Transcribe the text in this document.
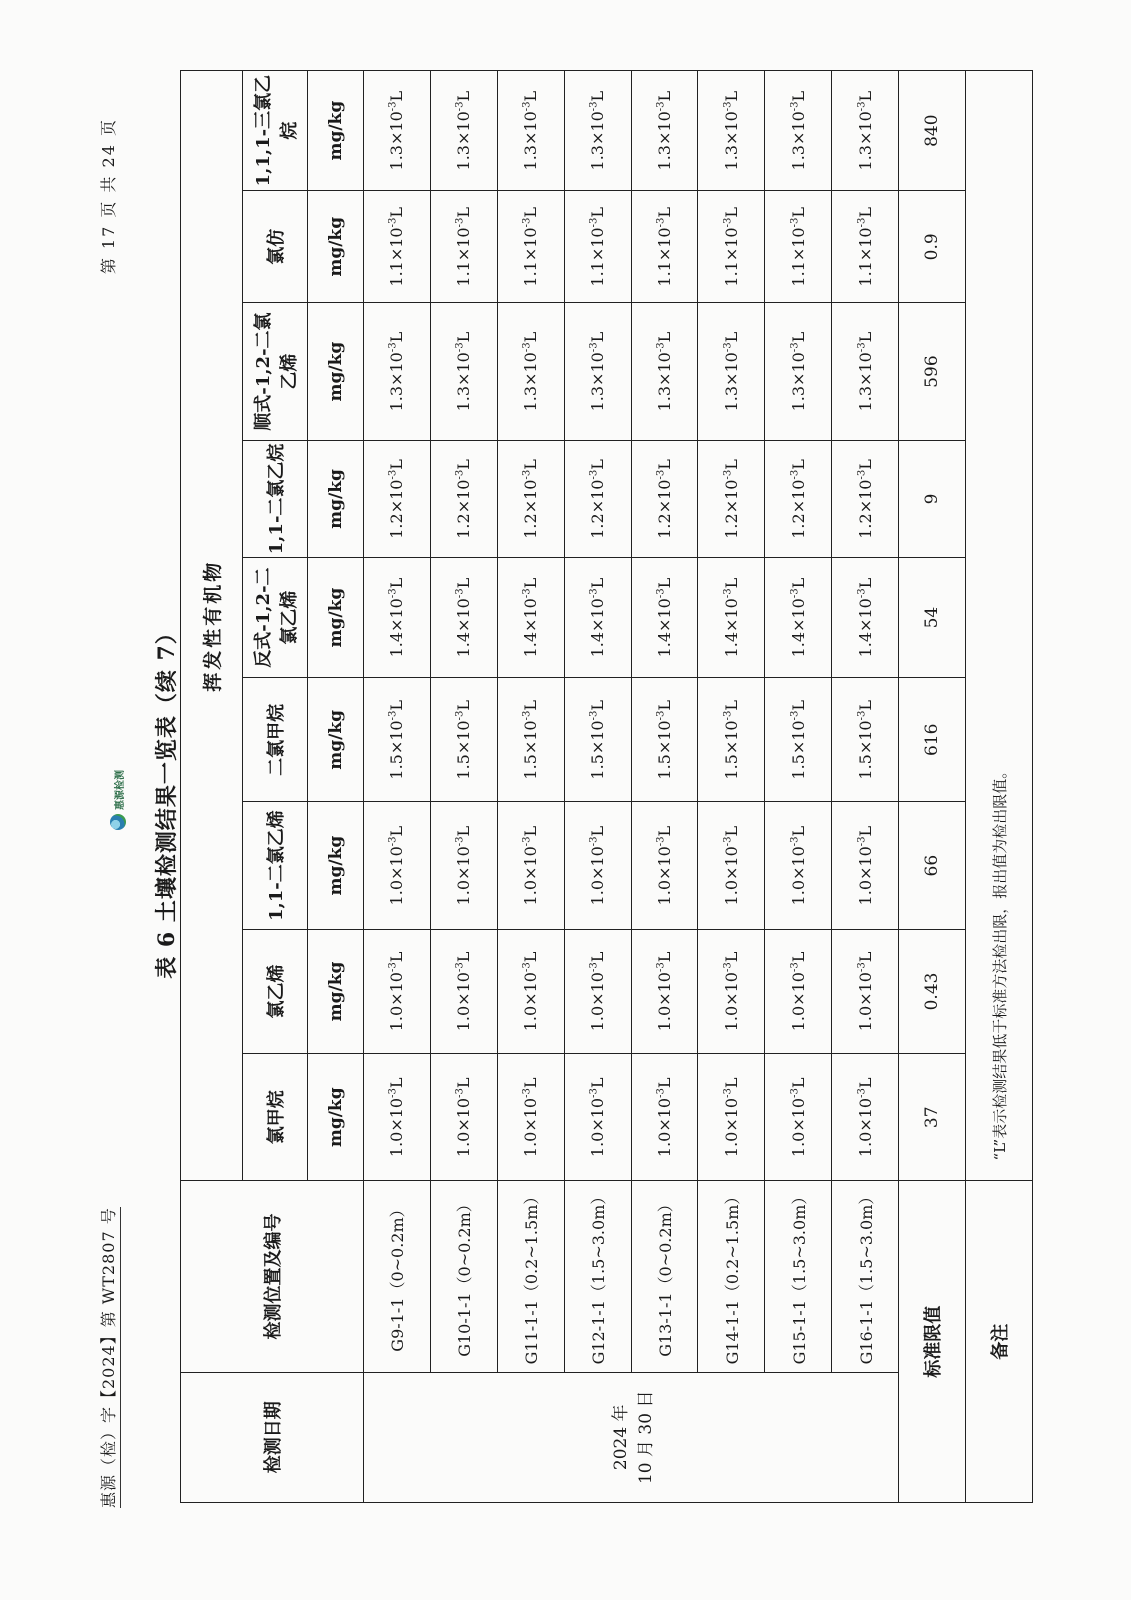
惠源（检）字【2024】第 WT2807 号
第 17 页 共 24 页
惠源检测 表 6 土壤检测结果一览表（续 7）
检测日期	检测位置及编号	挥发性有机物								
		氯甲烷	氯乙烯	1,1-二氯乙烯	二氯甲烷	反式-1,2-二氯乙烯	1,1-二氯乙烷	顺式-1,2-二氯乙烯	氯仿	1,1,1-三氯乙烷
		mg/kg	mg/kg	mg/kg	mg/kg	mg/kg	mg/kg	mg/kg	mg/kg	mg/kg
2024 年 10 月 30 日	G9-1-1（0~0.2m）	$1.0\times 10^{-3}L$	$1.0\times 10^{-3}L$	$1.0\times 10^{-3}L$	$1.5\times 10^{-3}L$	$1.4\times 10^{-3}L$	$1.2\times 10^{-3}L$	$1.3\times 10^{-3}L$	$1.1\times 10^{-3}L$	$1.3\times 10^{-3}L$
	G10-1-1（0~0.2m）	$1.0\times 10^{-3}L$	$1.0\times 10^{-3}L$	$1.0\times 10^{-3}L$	$1.5\times 10^{-3}L$	$1.4\times 10^{-3}L$	$1.2\times 10^{-3}L$	$1.3\times 10^{-3}L$	$1.1\times 10^{-3}L$	$1.3\times 10^{-3}L$
	G11-1-1（0.2~1.5m）	$1.0\times 10^{-3}L$	$1.0\times 10^{-3}L$	$1.0\times 10^{-3}L$	$1.5\times 10^{-3}L$	$1.4\times 10^{-3}L$	$1.2\times 10^{-3}L$	$1.3\times 10^{-3}L$	$1.1\times 10^{-3}L$	$1.3\times 10^{-3}L$
	G12-1-1（1.5~3.0m）	$1.0\times 10^{-3}L$	$1.0\times 10^{-3}L$	$1.0\times 10^{-3}L$	$1.5\times 10^{-3}L$	$1.4\times 10^{-3}L$	$1.2\times 10^{-3}L$	$1.3\times 10^{-3}L$	$1.1\times 10^{-3}L$	$1.3\times 10^{-3}L$
	G13-1-1（0~0.2m）	$1.0\times 10^{-3}L$	$1.0\times 10^{-3}L$	$1.0\times 10^{-3}L$	$1.5\times 10^{-3}L$	$1.4\times 10^{-3}L$	$1.2\times 10^{-3}L$	$1.3\times 10^{-3}L$	$1.1\times 10^{-3}L$	$1.3\times 10^{-3}L$
	G14-1-1（0.2~1.5m）	$1.0\times 10^{-3}L$	$1.0\times 10^{-3}L$	$1.0\times 10^{-3}L$	$1.5\times 10^{-3}L$	$1.4\times 10^{-3}L$	$1.2\times 10^{-3}L$	$1.3\times 10^{-3}L$	$1.1\times 10^{-3}L$	$1.3\times 10^{-3}L$
	G15-1-1（1.5~3.0m）	$1.0\times 10^{-3}L$	$1.0\times 10^{-3}L$	$1.0\times 10^{-3}L$	$1.5\times 10^{-3}L$	$1.4\times 10^{-3}L$	$1.2\times 10^{-3}L$	$1.3\times 10^{-3}L$	$1.1\times 10^{-3}L$	$1.3\times 10^{-3}L$
	G16-1-1（1.5~3.0m）	$1.0\times 10^{-3}L$	$1.0\times 10^{-3}L$	$1.0\times 10^{-3}L$	$1.5\times 10^{-3}L$	$1.4\times 10^{-3}L$	$1.2\times 10^{-3}L$	$1.3\times 10^{-3}L$	$1.1\times 10^{-3}L$	$1.3\times 10^{-3}L$
标准限值		37	0.43	66	616	54	9	596	0.9	840
备注		“L”表示检测结果低于标准方法检出限，报出值为检出限值。								
